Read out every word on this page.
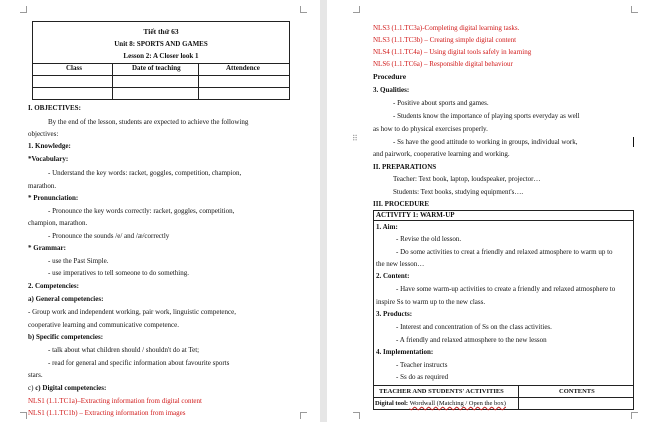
Tiết thứ 63
Unit 8: SPORTS AND GAMES
Lesson 2: A Closer look 1
Class	Date of teaching	Attendence
I. OBJECTIVES:
By the end of the lesson, students are expected to achieve the following
objectives:
1. Knowledge:
*Vocabulary:
- Understand the key words: racket, goggles, competition, champion,
marathon.
* Pronunciation:
- Pronounce the key words correctly: racket, goggles, competition,
champion, marathon.
- Pronounce the sounds /e/ and /æ/correctly
* Grammar:
- use the Past Simple.
- use imperatives to tell someone to do something.
2. Competencies:
a) General competencies:
- Group work and independent working, pair work, linguistic competence,
cooperative learning and communicative competence.
b) Specific competencies:
- talk about what children should / shouldn't do at Tet;
- read for general and specific information about favourite sports
stars.
c) c) Digital competencies:
NLS1 (1.1.TC1a)–Extracting information from digital content
NLS1 (1.1.TC1b) – Extracting information from images
NLS3 (1.1.TC3a)-Completing digital learning tasks.
NLS3 (1.1.TC3b) – Creating simple digital content
NLS4 (1.1.TC4a) – Using digital tools safely in learning
NLS6 (1.1.TC6a) – Responsible digital behaviour
Procedure
3. Qualities:
- Positive about sports and games.
- Students know the importance of playing sports everyday as well
as how to do physical exercises properly.
- Ss have the good attitude to working in groups, individual work,
and pairwork, cooperative learning and working.
II. PREPARATIONS
Teacher: Text book, laptop, loudspeaker, projector…
Students: Text books, studying equipment's….
III. PROCEDURE
ACTIVITY 1: WARM-UP
1. Aim:
- Revise the old lesson.
- Do some activities to creat a friendly and relaxed atmosphere to warm up to
the new lesson…
2. Content:
- Have some warm-up activities to create a friendly and relaxed atmosphere to
inspire Ss to warm up to the new class.
3. Products:
- Interest and concentration of Ss on the class activities.
- A friendly and relaxed atmosphere to the new lesson
4. Implementation:
- Teacher instructs
- Ss do as required
TEACHER AND STUDENTS' ACTIVITIES	CONTENTS
Digital tool: Wordwall (Matching / Open the box)
⠿
